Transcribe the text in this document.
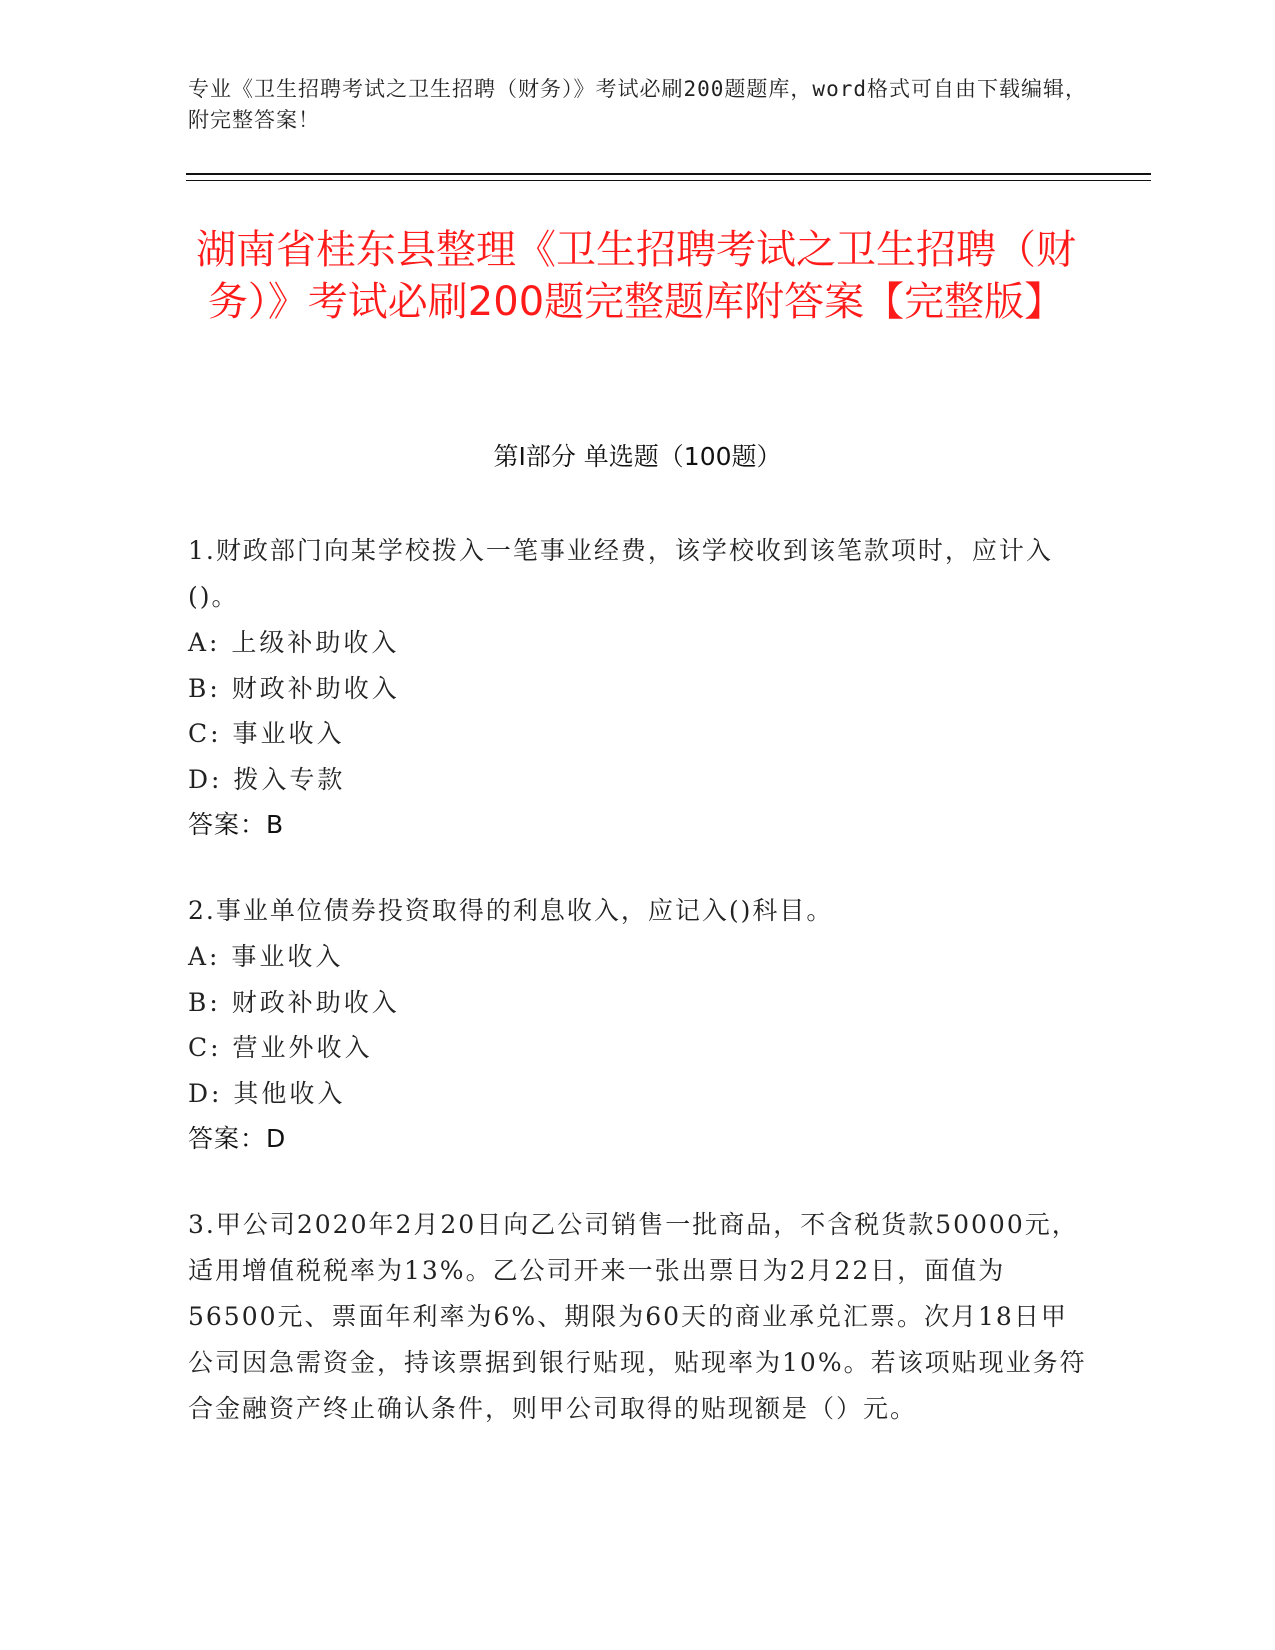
专业《卫生招聘考试之卫生招聘（财务）》考试必刷200题题库，word格式可自由下载编辑，附完整答案！
湖南省桂东县整理《卫生招聘考试之卫生招聘（财务）》考试必刷200题完整题库附答案【完整版】
第Ⅰ部分 单选题（100题）
1.财政部门向某学校拨入一笔事业经费，该学校收到该笔款项时，应计入()。
A: 上级补助收入
B: 财政补助收入
C: 事业收入
D: 拨入专款
答案：B
2.事业单位债券投资取得的利息收入，应记入()科目。
A: 事业收入
B: 财政补助收入
C: 营业外收入
D: 其他收入
答案：D
3.甲公司2020年2月20日向乙公司销售一批商品，不含税货款50000元，适用增值税税率为13%。乙公司开来一张出票日为2月22日，面值为56500元、票面年利率为6%、期限为60天的商业承兑汇票。次月18日甲公司因急需资金，持该票据到银行贴现，贴现率为10%。若该项贴现业务符合金融资产终止确认条件，则甲公司取得的贴现额是（）元。
